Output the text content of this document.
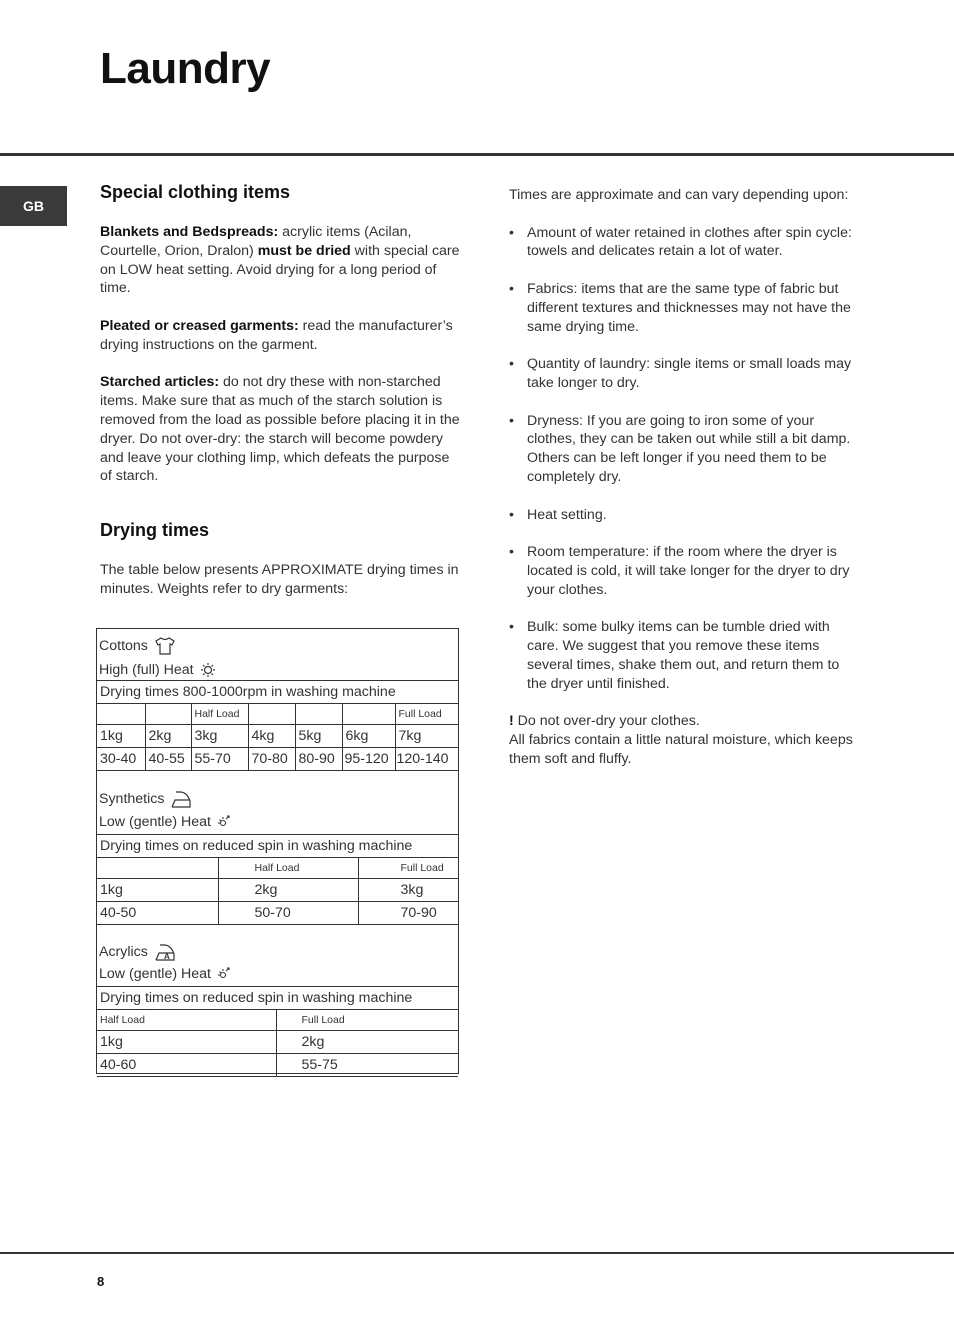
Laundry
GB
Special clothing items

Blankets and Bedspreads: acrylic items (Acilan, Courtelle, Orion, Dralon) must be dried with special care on LOW heat setting. Avoid drying for a long period of time.

Pleated or creased garments: read the manufacturer’s drying instructions on the garment.

Starched articles: do not dry these with non-starched items. Make sure that as much of the starch solution is removed from the load as possible before placing it in the dryer. Do not over-dry: the starch will become powdery and leave your clothing limp, which defeats the purpose of starch.

Drying times

The table below presents APPROXIMATE drying times in minutes. Weights refer to dry garments:

Cottons
High (full) Heat
Drying times 800-1000rpm in washing machine						
		Half Load				Full Load
1kg	2kg	3kg	4kg	5kg	6kg	7kg
30-40	40-55	55-70	70-80	80-90	95-120	120-140
Synthetics
Low (gentle) Heat
Drying times on reduced spin in washing machine		
	Half Load	Full Load
1kg	2kg	3kg
40-50	50-70	70-90
Acrylics A
Low (gentle) Heat
Drying times on reduced spin in washing machine	
Half Load	Full Load
1kg	2kg
40-60	55-75

Times are approximate and can vary depending upon:

• Amount of water retained in clothes after spin cycle: towels and delicates retain a lot of water.
• Fabrics: items that are the same type of fabric but different textures and thicknesses may not have the same drying time.
• Quantity of laundry: single items or small loads may take longer to dry.
• Dryness: If you are going to iron some of your clothes, they can be taken out while still a bit damp. Others can be left longer if you need them to be completely dry.
• Heat setting.
• Room temperature: if the room where the dryer is located is cold, it will take longer for the dryer to dry your clothes.
• Bulk: some bulky items can be tumble dried with care. We suggest that you remove these items several times, shake them out, and return them to the dryer until finished.

! Do not over-dry your clothes.

All fabrics contain a little natural moisture, which keeps them soft and fluffy.

8
